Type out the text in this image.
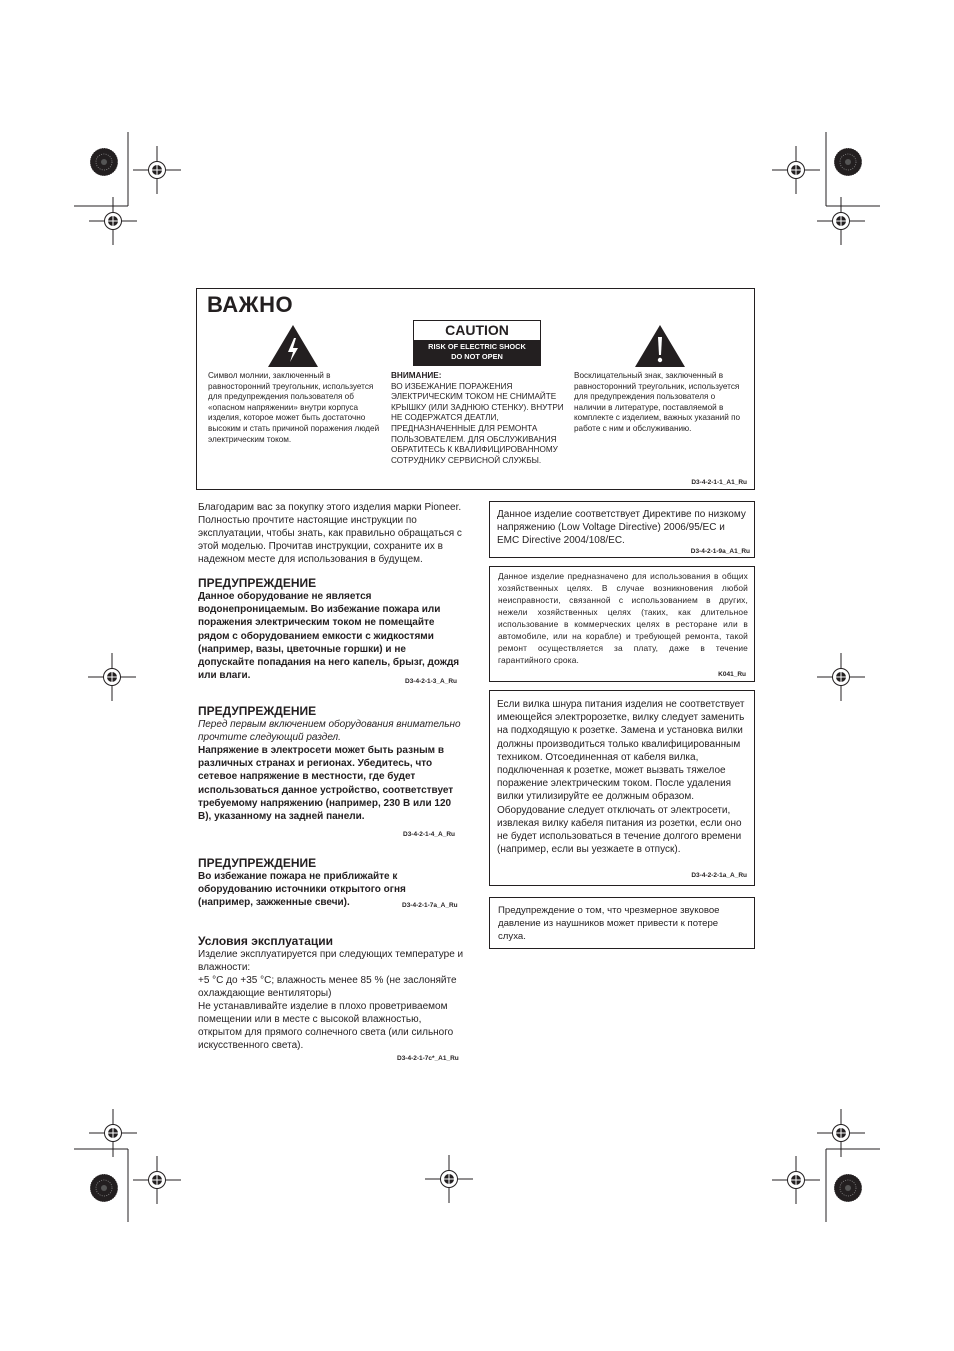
ВАЖНО
CAUTION
RISK OF ELECTRIC SHOCK
DO NOT OPEN
Символ молнии, заключенный в равносторонний треугольник, используется для предупреждения пользователя об «опасном напряжении» внутри корпуса изделия, которое может быть достаточно высоким и стать причиной поражения людей электрическим током.
ВНИМАНИЕ:
ВО ИЗБЕЖАНИЕ ПОРАЖЕНИЯ ЭЛЕКТРИЧЕСКИМ ТОКОМ НЕ СНИМАЙТЕ КРЫШКУ (ИЛИ ЗАДНЮЮ СТЕНКУ). ВНУТРИ НЕ СОДЕРЖАТСЯ ДЕАТЛИ, ПРЕДНАЗНАЧЕННЫЕ ДЛЯ РЕМОНТА ПОЛЬЗОВАТЕЛЕМ. ДЛЯ ОБСЛУЖИВАНИЯ ОБРАТИТЕСЬ К КВАЛИФИЦИРОВАННОМУ СОТРУДНИКУ СЕРВИСНОЙ СЛУЖБЫ.
Восклицательный знак, заключенный в равносторонний треугольник, используется для предупреждения пользователя о наличии в литературе, поставляемой в комплекте с изделием, важных указаний по работе с ним и обслуживанию.
D3-4-2-1-1_A1_Ru
Благодарим вас за покупку этого изделия марки Pioneer. Полностью прочтите настоящие инструкции по эксплуатации, чтобы знать, как правильно обращаться с этой моделью. Прочитав инструкции, сохраните их в надежном месте для использования в будущем.
ПРЕДУПРЕЖДЕНИЕ
Данное оборудование не является водонепроницаемым. Во избежание пожара или поражения электрическим током не помещайте рядом с оборудованием емкости с жидкостями (например, вазы, цветочные горшки) и не допускайте попадания на него капель, брызг, дождя или влаги.
D3-4-2-1-3_A_Ru
ПРЕДУПРЕЖДЕНИЕ
Перед первым включением оборудования внимательно прочтите следующий раздел.
Напряжение в электросети может быть разным в различных странах и регионах. Убедитесь, что сетевое напряжение в местности, где будет использоваться данное устройство, соответствует требуемому напряжению (например, 230 В или 120 В), указанному на задней панели.
D3-4-2-1-4_A_Ru
ПРЕДУПРЕЖДЕНИЕ
Во избежание пожара не приближайте к оборудованию источники открытого огня (например, зажженные свечи).	D3-4-2-1-7a_A_Ru
Условия эксплуатации
Изделие эксплуатируется при следующих температуре и влажности:
+5 °C до +35 °C; влажность менее 85 % (не заслоняйте охлаждающие вентиляторы)
Не устанавливайте изделие в плохо проветриваемом помещении или в месте с высокой влажностью, открытом для прямого солнечного света (или сильного искусственного света).
D3-4-2-1-7c*_A1_Ru
Данное изделие соответствует Директиве по низкому напряжению (Low Voltage Directive) 2006/95/EC и EMC Directive 2004/108/EC.
D3-4-2-1-9a_A1_Ru
Данное изделие предназначено для использования в общих хозяйственных целях. В случае возникновения любой неисправности, связанной с использованием в других, нежели хозяйственных целях (таких, как длительное использование в коммерческих целях в ресторане или в автомобиле, или на корабле) и требующей ремонта, такой ремонт осуществляется за плату, даже в течение гарантийного срока.
K041_Ru
Если вилка шнура питания изделия не соответствует имеющейся электророзетке, вилку следует заменить на подходящую к розетке. Замена и установка вилки должны производиться только квалифицированным техником. Отсоединенная от кабеля вилка, подключенная к розетке, может вызвать тяжелое поражение электрическим током. После удаления вилки утилизируйте ее должным образом. Оборудование следует отключать от электросети, извлекая вилку кабеля питания из розетки, если оно не будет использоваться в течение долгого времени (например, если вы уезжаете в отпуск).
D3-4-2-2-1a_A_Ru
Предупреждение о том, что чрезмерное звуковое давление из наушников может привести к потере слуха.
